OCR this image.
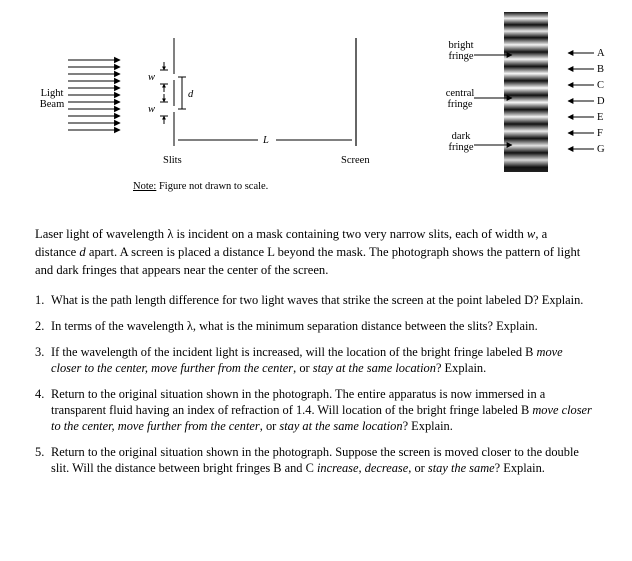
Light
Beam
w
w
d
L
Slits	Screen
Note: Figure not drawn to scale.
bright
fringe
central
fringe
dark
fringe
A
B
C
D
E
F
G
Laser light of wavelength λ is incident on a mask containing two very narrow slits, each of width w, a distance d apart. A screen is placed a distance L beyond the mask. The photograph shows the pattern of light and dark fringes that appears near the center of the screen.
1. What is the path length difference for two light waves that strike the screen at the point labeled D? Explain.
2. In terms of the wavelength λ, what is the minimum separation distance between the slits? Explain.
3. If the wavelength of the incident light is increased, will the location of the bright fringe labeled B move closer to the center, move further from the center, or stay at the same location? Explain.
4. Return to the original situation shown in the photograph. The entire apparatus is now immersed in a transparent fluid having an index of refraction of 1.4. Will location of the bright fringe labeled B move closer to the center, move further from the center, or stay at the same location? Explain.
5. Return to the original situation shown in the photograph. Suppose the screen is moved closer to the double slit. Will the distance between bright fringes B and C increase, decrease, or stay the same? Explain.
